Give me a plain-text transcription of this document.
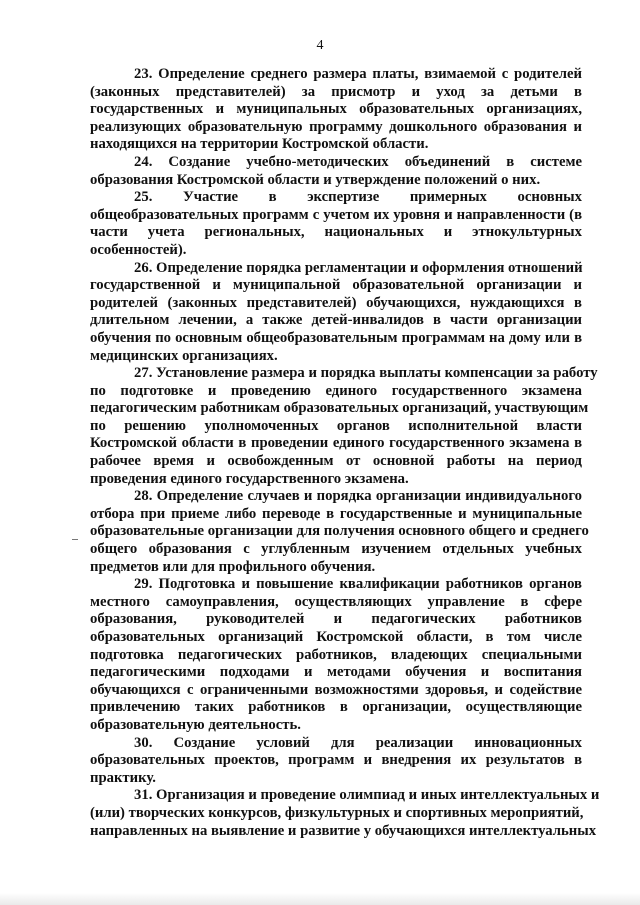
4
23. Определение среднего размера платы, взимаемой с родителей
(законных представителей) за присмотр и уход за детьми в
государственных и муниципальных образовательных организациях,
реализующих образовательную программу дошкольного образования и
находящихся на территории Костромской области.
24. Создание учебно-методических объединений в системе
образования Костромской области и утверждение положений о них.
25. Участие в экспертизе примерных основных
общеобразовательных программ с учетом их уровня и направленности (в
части учета региональных, национальных и этнокультурных
особенностей).
26. Определение порядка регламентации и оформления отношений
государственной и муниципальной образовательной организации и
родителей (законных представителей) обучающихся, нуждающихся в
длительном лечении, а также детей-инвалидов в части организации
обучения по основным общеобразовательным программам на дому или в
медицинских организациях.
27. Установление размера и порядка выплаты компенсации за работу
по подготовке и проведению единого государственного экзамена
педагогическим работникам образовательных организаций, участвующим
по решению уполномоченных органов исполнительной власти
Костромской области в проведении единого государственного экзамена в
рабочее время и освобожденным от основной работы на период
проведения единого государственного экзамена.
28. Определение случаев и порядка организации индивидуального
отбора при приеме либо переводе в государственные и муниципальные
образовательные организации для получения основного общего и среднего
общего образования с углубленным изучением отдельных учебных
предметов или для профильного обучения.
29. Подготовка и повышение квалификации работников органов
местного самоуправления, осуществляющих управление в сфере
образования, руководителей и педагогических работников
образовательных организаций Костромской области, в том числе
подготовка педагогических работников, владеющих специальными
педагогическими подходами и методами обучения и воспитания
обучающихся с ограниченными возможностями здоровья, и содействие
привлечению таких работников в организации, осуществляющие
образовательную деятельность.
30. Создание условий для реализации инновационных
образовательных проектов, программ и внедрения их результатов в
практику.
31. Организация и проведение олимпиад и иных интеллектуальных и
(или) творческих конкурсов, физкультурных и спортивных мероприятий,
направленных на выявление и развитие у обучающихся интеллектуальных
